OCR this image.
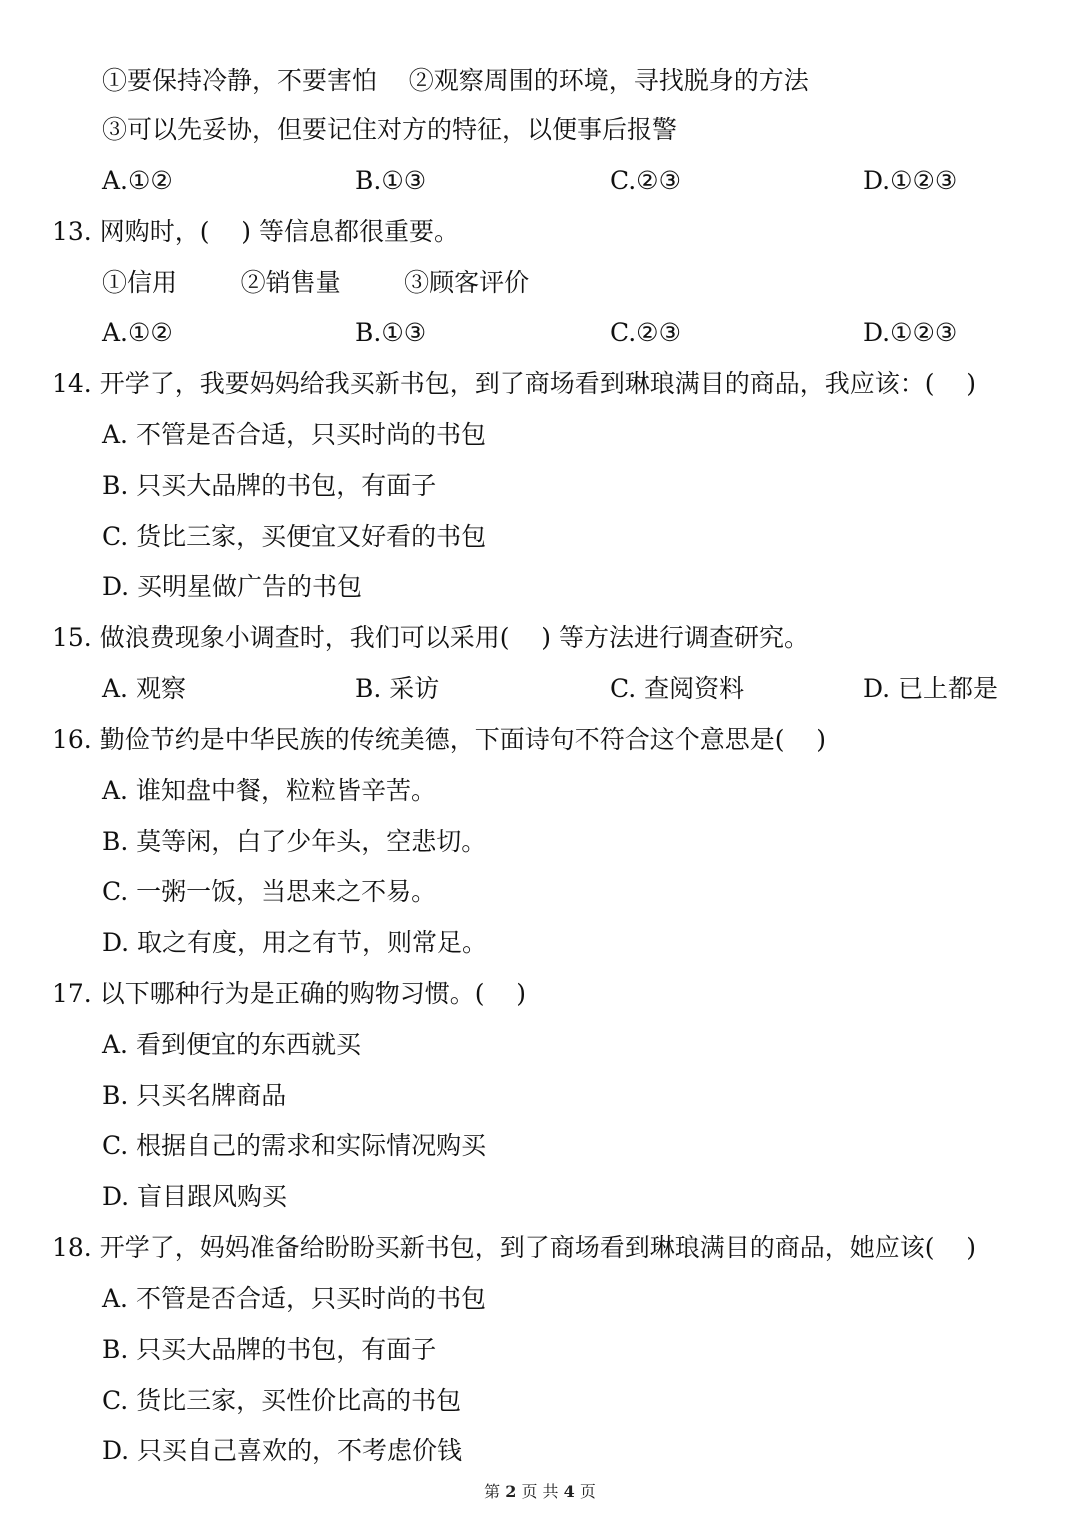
①要保持冷静，不要害怕    ②观察周围的环境，寻找脱身的方法
③可以先妥协，但要记住对方的特征，以便事后报警
A.①②	B.①③	C.②③	D.①②③
13. 网购时，(    ) 等信息都很重要。
①信用        ②销售量        ③顾客评价
A.①②	B.①③	C.②③	D.①②③
14. 开学了，我要妈妈给我买新书包，到了商场看到琳琅满目的商品，我应该：(    )
A. 不管是否合适，只买时尚的书包
B. 只买大品牌的书包，有面子
C. 货比三家，买便宜又好看的书包
D. 买明星做广告的书包
15. 做浪费现象小调查时，我们可以采用(    ) 等方法进行调查研究。
A. 观察	B. 采访	C. 查阅资料	D. 已上都是
16. 勤俭节约是中华民族的传统美德，下面诗句不符合这个意思是(    )
A. 谁知盘中餐，粒粒皆辛苦。
B. 莫等闲，白了少年头，空悲切。
C. 一粥一饭，当思来之不易。
D. 取之有度，用之有节，则常足。
17. 以下哪种行为是正确的购物习惯。(    )
A. 看到便宜的东西就买
B. 只买名牌商品
C. 根据自己的需求和实际情况购买
D. 盲目跟风购买
18. 开学了，妈妈准备给盼盼买新书包，到了商场看到琳琅满目的商品，她应该(    )
A. 不管是否合适，只买时尚的书包
B. 只买大品牌的书包，有面子
C. 货比三家，买性价比高的书包
D. 只买自己喜欢的，不考虑价钱
第 2 页 共 4 页
